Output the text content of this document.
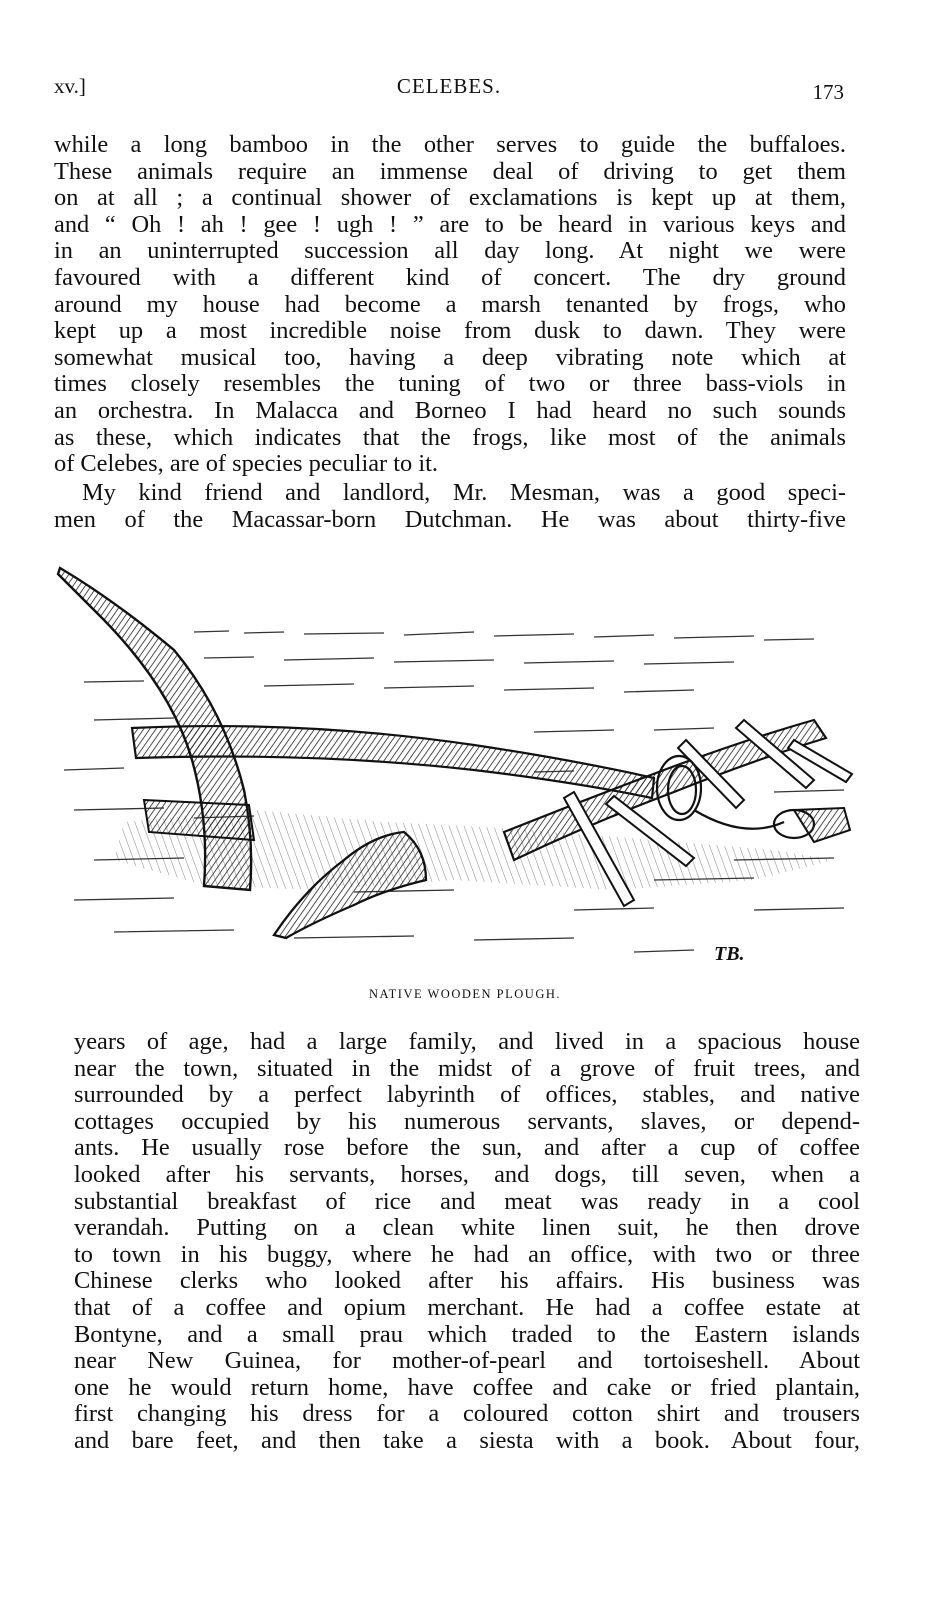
xv.]	CELEBES.	173

while a long bamboo in the other serves to guide the buffaloes.
These animals require an immense deal of driving to get them
on at all ; a continual shower of exclamations is kept up at them,
and “ Oh ! ah ! gee ! ugh ! ” are to be heard in various keys and
in an uninterrupted succession all day long. At night we were
favoured with a different kind of concert. The dry ground
around my house had become a marsh tenanted by frogs, who
kept up a most incredible noise from dusk to dawn. They were
somewhat musical too, having a deep vibrating note which at
times closely resembles the tuning of two or three bass-viols in
an orchestra. In Malacca and Borneo I had heard no such sounds
as these, which indicates that the frogs, like most of the animals
of Celebes, are of species peculiar to it.

My kind friend and landlord, Mr. Mesman, was a good speci-
men of the Macassar-born Dutchman. He was about thirty-five

TB.
NATIVE WOODEN PLOUGH.

years of age, had a large family, and lived in a spacious house
near the town, situated in the midst of a grove of fruit trees, and
surrounded by a perfect labyrinth of offices, stables, and native
cottages occupied by his numerous servants, slaves, or depend-
ants. He usually rose before the sun, and after a cup of coffee
looked after his servants, horses, and dogs, till seven, when a
substantial breakfast of rice and meat was ready in a cool
verandah. Putting on a clean white linen suit, he then drove
to town in his buggy, where he had an office, with two or three
Chinese clerks who looked after his affairs. His business was
that of a coffee and opium merchant. He had a coffee estate at
Bontyne, and a small prau which traded to the Eastern islands
near New Guinea, for mother-of-pearl and tortoiseshell. About
one he would return home, have coffee and cake or fried plantain,
first changing his dress for a coloured cotton shirt and trousers
and bare feet, and then take a siesta with a book. About four,
